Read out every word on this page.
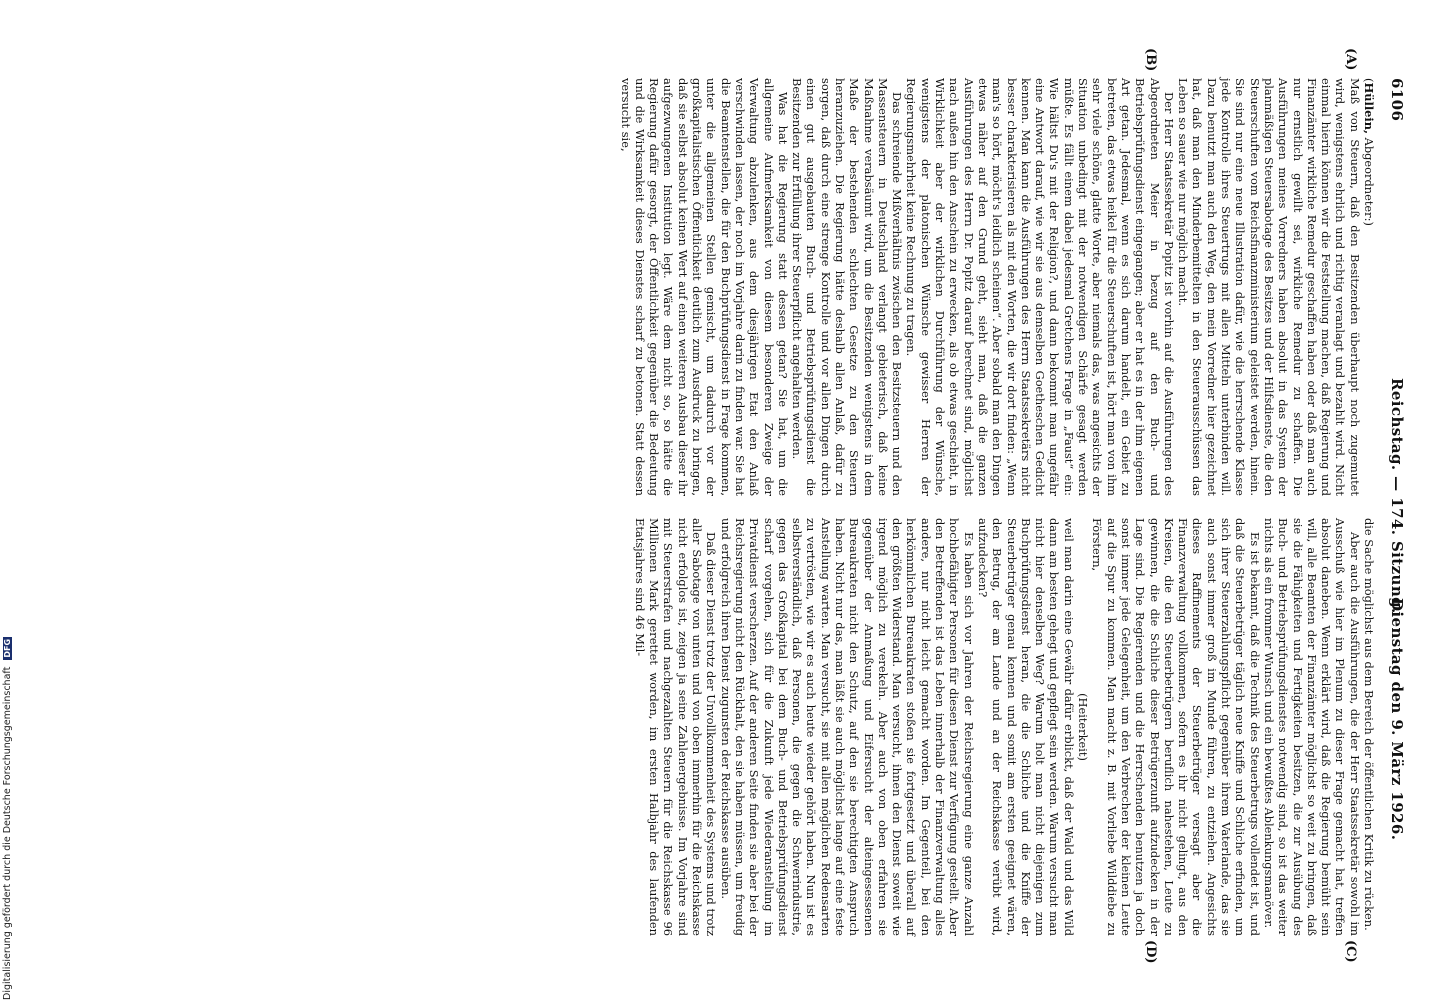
6106
Reichstag. — 174. Sitzung.
Dienstag den 9. März 1926.
(A)
(B)
(C)
(D)

(Hüllein, Abgeordneter:)

Maß von Steuern, daß den Besitzenden überhaupt noch zugemutet wird, wenigstens ehrlich und richtig veranlagt und bezahlt wird. Nicht einmal hierin können wir die Feststellung machen, daß Regierung und Finanzämter wirkliche Remedur geschaffen haben oder daß man auch nur ernstlich gewillt sei, wirkliche Remedur zu schaffen. Die Ausführungen meines Vorredners haben absolut in das System der planmäßigen Steuersabotage des Besitzes und der Hilfsdienste, die den Steuerschuften vom Reichsfinanzministerium geleistet werden, hinein. Sie sind nur eine neue Illustration dafür, wie die herrschende Klasse jede Kontrolle ihres Steuertrugs mit allen Mitteln unterbinden will. Dazu benutzt man auch den Weg, den mein Vorredner hier gezeichnet hat, daß man den Minderbemittelten in den Steuerausschüssen das Leben so sauer wie nur möglich macht.

Der Herr Staatssekretär Popitz ist vorhin auf die Ausführungen des Abgeordneten Meier in bezug auf den Buch- und Betriebsprüfungsdienst eingegangen; aber er hat es in der ihm eigenen Art getan. Jedesmal, wenn es sich darum handelt, ein Gebiet zu betreten, das etwas heikel für die Steuerschuften ist, hört man von ihm sehr viele schöne, glatte Worte, aber niemals das, was angesichts der Situation unbedingt mit der notwendigen Schärfe gesagt werden müßte. Es fällt einem dabei jedesmal Gretchens Frage in „Faust“ ein: Wie hältst Du's mit der Religion?, und dann bekommt man ungefähr eine Antwort darauf, wie wir sie aus demselben Goetheschen Gedicht kennen. Man kann die Ausführungen des Herrn Staatssekretärs nicht besser charakterisieren als mit den Worten, die wir dort finden: „Wenn man's so hört, möcht's leidlich scheinen“. Aber sobald man den Dingen etwas näher auf den Grund geht, sieht man, daß die ganzen Ausführungen des Herrn Dr. Popitz darauf berechnet sind, möglichst nach außen hin den Anschein zu erwecken, als ob etwas geschieht, in Wirklichkeit aber der wirklichen Durchführung der Wünsche, wenigstens der platonischen Wünsche gewisser Herren der Regierungsmehrheit keine Rechnung zu tragen.

Das schreiende Mißverhältnis zwischen den Besitzsteuern und den Massensteuern in Deutschland verlangt gebieterisch, daß keine Maßnahme verabsäumt wird, um die Besitzenden wenigstens in dem Maße der bestehenden schlechten Gesetze zu den Steuern heranzuziehen. Die Regierung hätte deshalb allen Anlaß, dafür zu sorgen, daß durch eine strenge Kontrolle und vor allen Dingen durch einen gut ausgebauten Buch- und Betriebsprüfungsdienst die Besitzenden zur Erfüllung ihrer Steuerpflicht angehalten werden.

Was hat die Regierung statt dessen getan? Sie hat, um die allgemeine Aufmerksamkeit von diesem besonderen Zweige der Verwaltung abzulenken, aus dem diesjährigen Etat den Anlaß verschwinden lassen, der noch im Vorjahre darin zu finden war. Sie hat die Beamtenstellen, die für den Buchprüfungsdienst in Frage kommen, unter die allgemeinen Stellen gemischt, um dadurch vor der großkapitalistischen Öffentlichkeit deutlich zum Ausdruck zu bringen, daß sie selbst absolut keinen Wert auf einen weiteren Ausbau dieser ihr aufgezwungenen Institution legt. Wäre dem nicht so, so hätte die Regierung dafür gesorgt, der Öffentlichkeit gegenüber die Bedeutung und die Wirksamkeit dieses Dienstes scharf zu betonen. Statt dessen versucht sie,

die Sache möglichst aus dem Bereich der öffentlichen Kritik zu rücken.

Aber auch die Ausführungen, die der Herr Staatssekretär sowohl im Ausschuß wie hier im Plenum zu dieser Frage gemacht hat, treffen absolut daneben. Wenn erklärt wird, daß die Regierung bemüht sein will, alle Beamten der Finanzämter möglichst so weit zu bringen, daß sie die Fähigkeiten und Fertigkeiten besitzen, die zur Ausübung des Buch- und Betriebsprüfungsdienstes notwendig sind, so ist das weiter nichts als ein frommer Wunsch und ein bewußtes Ablenkungsmanöver.

Es ist bekannt, daß die Technik des Steuerbetrugs vollendet ist, und daß die Steuerbetrüger täglich neue Kniffe und Schliche erfinden, um sich ihrer Steuerzahlungspflicht gegenüber ihrem Vaterlande, das sie auch sonst immer groß im Munde führen, zu entziehen. Angesichts dieses Raffinements der Steuerbetrüger versagt aber die Finanzverwaltung vollkommen, sofern es ihr nicht gelingt, aus den Kreisen, die den Steuerbetrügern beruflich nahestehen, Leute zu gewinnen, die die Schliche dieser Betrügerzunft aufzudecken in der Lage sind. Die Regierenden und die Herrschenden benutzen ja doch sonst immer jede Gelegenheit, um den Verbrechen der kleinen Leute auf die Spur zu kommen. Man macht z. B. mit Vorliebe Wilddiebe zu Förstern,

(Heiterkeit)

weil man darin eine Gewähr dafür erblickt, daß der Wald und das Wild dann am besten gehegt und gepflegt sein werden. Warum versucht man nicht hier denselben Weg? Warum holt man nicht diejenigen zum Buchprüfungsdienst heran, die die Schliche und die Kniffe der Steuerbetrüger genau kennen und somit am ersten geeignet wären, den Betrug, der am Lande und an der Reichskasse verübt wird, aufzudecken?

Es haben sich vor Jahren der Reichsregierung eine ganze Anzahl hochbefähigter Personen für diesen Dienst zur Verfügung gestellt. Aber den Betreffenden ist das Leben innerhalb der Finanzverwaltung alles andere, nur nicht leicht gemacht worden. Im Gegenteil, bei den herkömmlichen Bureaukraten stoßen sie fortgesetzt und überall auf den größten Widerstand. Man versucht, ihnen den Dienst soweit wie irgend möglich zu verekeln. Aber auch von oben erfahren sie gegenüber der Anmaßung und Eifersucht der alteingesessenen Bureaukraten nicht den Schutz, auf den sie berechtigten Anspruch haben. Nicht nur das, man läßt sie auch möglichst lange auf eine feste Anstellung warten. Man versucht, sie mit allen möglichen Redensarten zu vertrösten, wie wir es auch heute wieder gehört haben. Nun ist es selbstverständlich, daß Personen, die gegen die Schwerindustrie, gegen das Großkapital bei dem Buch- und Betriebsprüfungsdienst scharf vorgehen, sich für die Zukunft jede Wiederanstellung im Privatdienst verscherzen. Auf der anderen Seite finden sie aber bei der Reichsregierung nicht den Rückhalt, den sie haben müssen, um freudig und erfolgreich ihren Dienst zugunsten der Reichskasse ausüben.

Daß dieser Dienst trotz der Unvollkommenheit des Systems und trotz aller Sabotage von unten und von oben immerhin für die Reichskasse nicht erfolglos ist, zeigen ja seine Zahlenergebnisse. Im Vorjahre sind mit Steuerstrafen und nachgezahlten Steuern für die Reichskasse 96 Millionen Mark gerettet worden, im ersten Halbjahr des laufenden Etatsjahres sind 46 Mil-

Digitalisierung gefördert durch die Deutsche Forschungsgemeinschaft DFG
